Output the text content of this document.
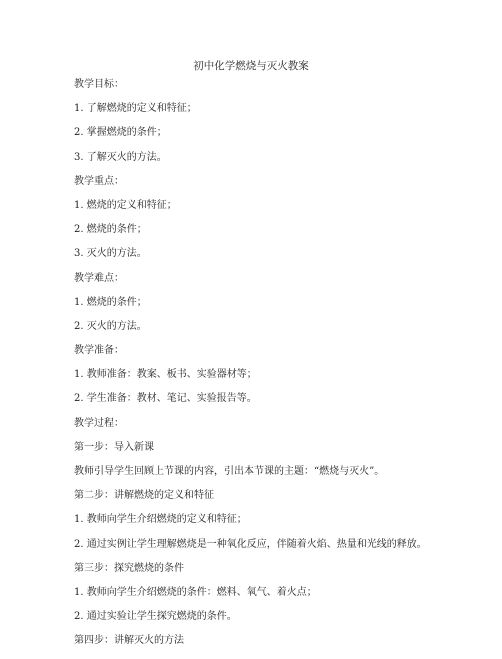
初中化学燃烧与灭火教案
教学目标：
1. 了解燃烧的定义和特征；
2. 掌握燃烧的条件；
3. 了解灭火的方法。
教学重点：
1. 燃烧的定义和特征；
2. 燃烧的条件；
3. 灭火的方法。
教学难点：
1. 燃烧的条件；
2. 灭火的方法。
教学准备：
1. 教师准备：教案、板书、实验器材等；
2. 学生准备：教材、笔记、实验报告等。
教学过程：
第一步：导入新课
教师引导学生回顾上节课的内容，引出本节课的主题：“燃烧与灭火”。
第二步：讲解燃烧的定义和特征
1. 教师向学生介绍燃烧的定义和特征；
2. 通过实例让学生理解燃烧是一种氧化反应，伴随着火焰、热量和光线的释放。
第三步：探究燃烧的条件
1. 教师向学生介绍燃烧的条件：燃料、氧气、着火点；
2. 通过实验让学生探究燃烧的条件。
第四步：讲解灭火的方法
